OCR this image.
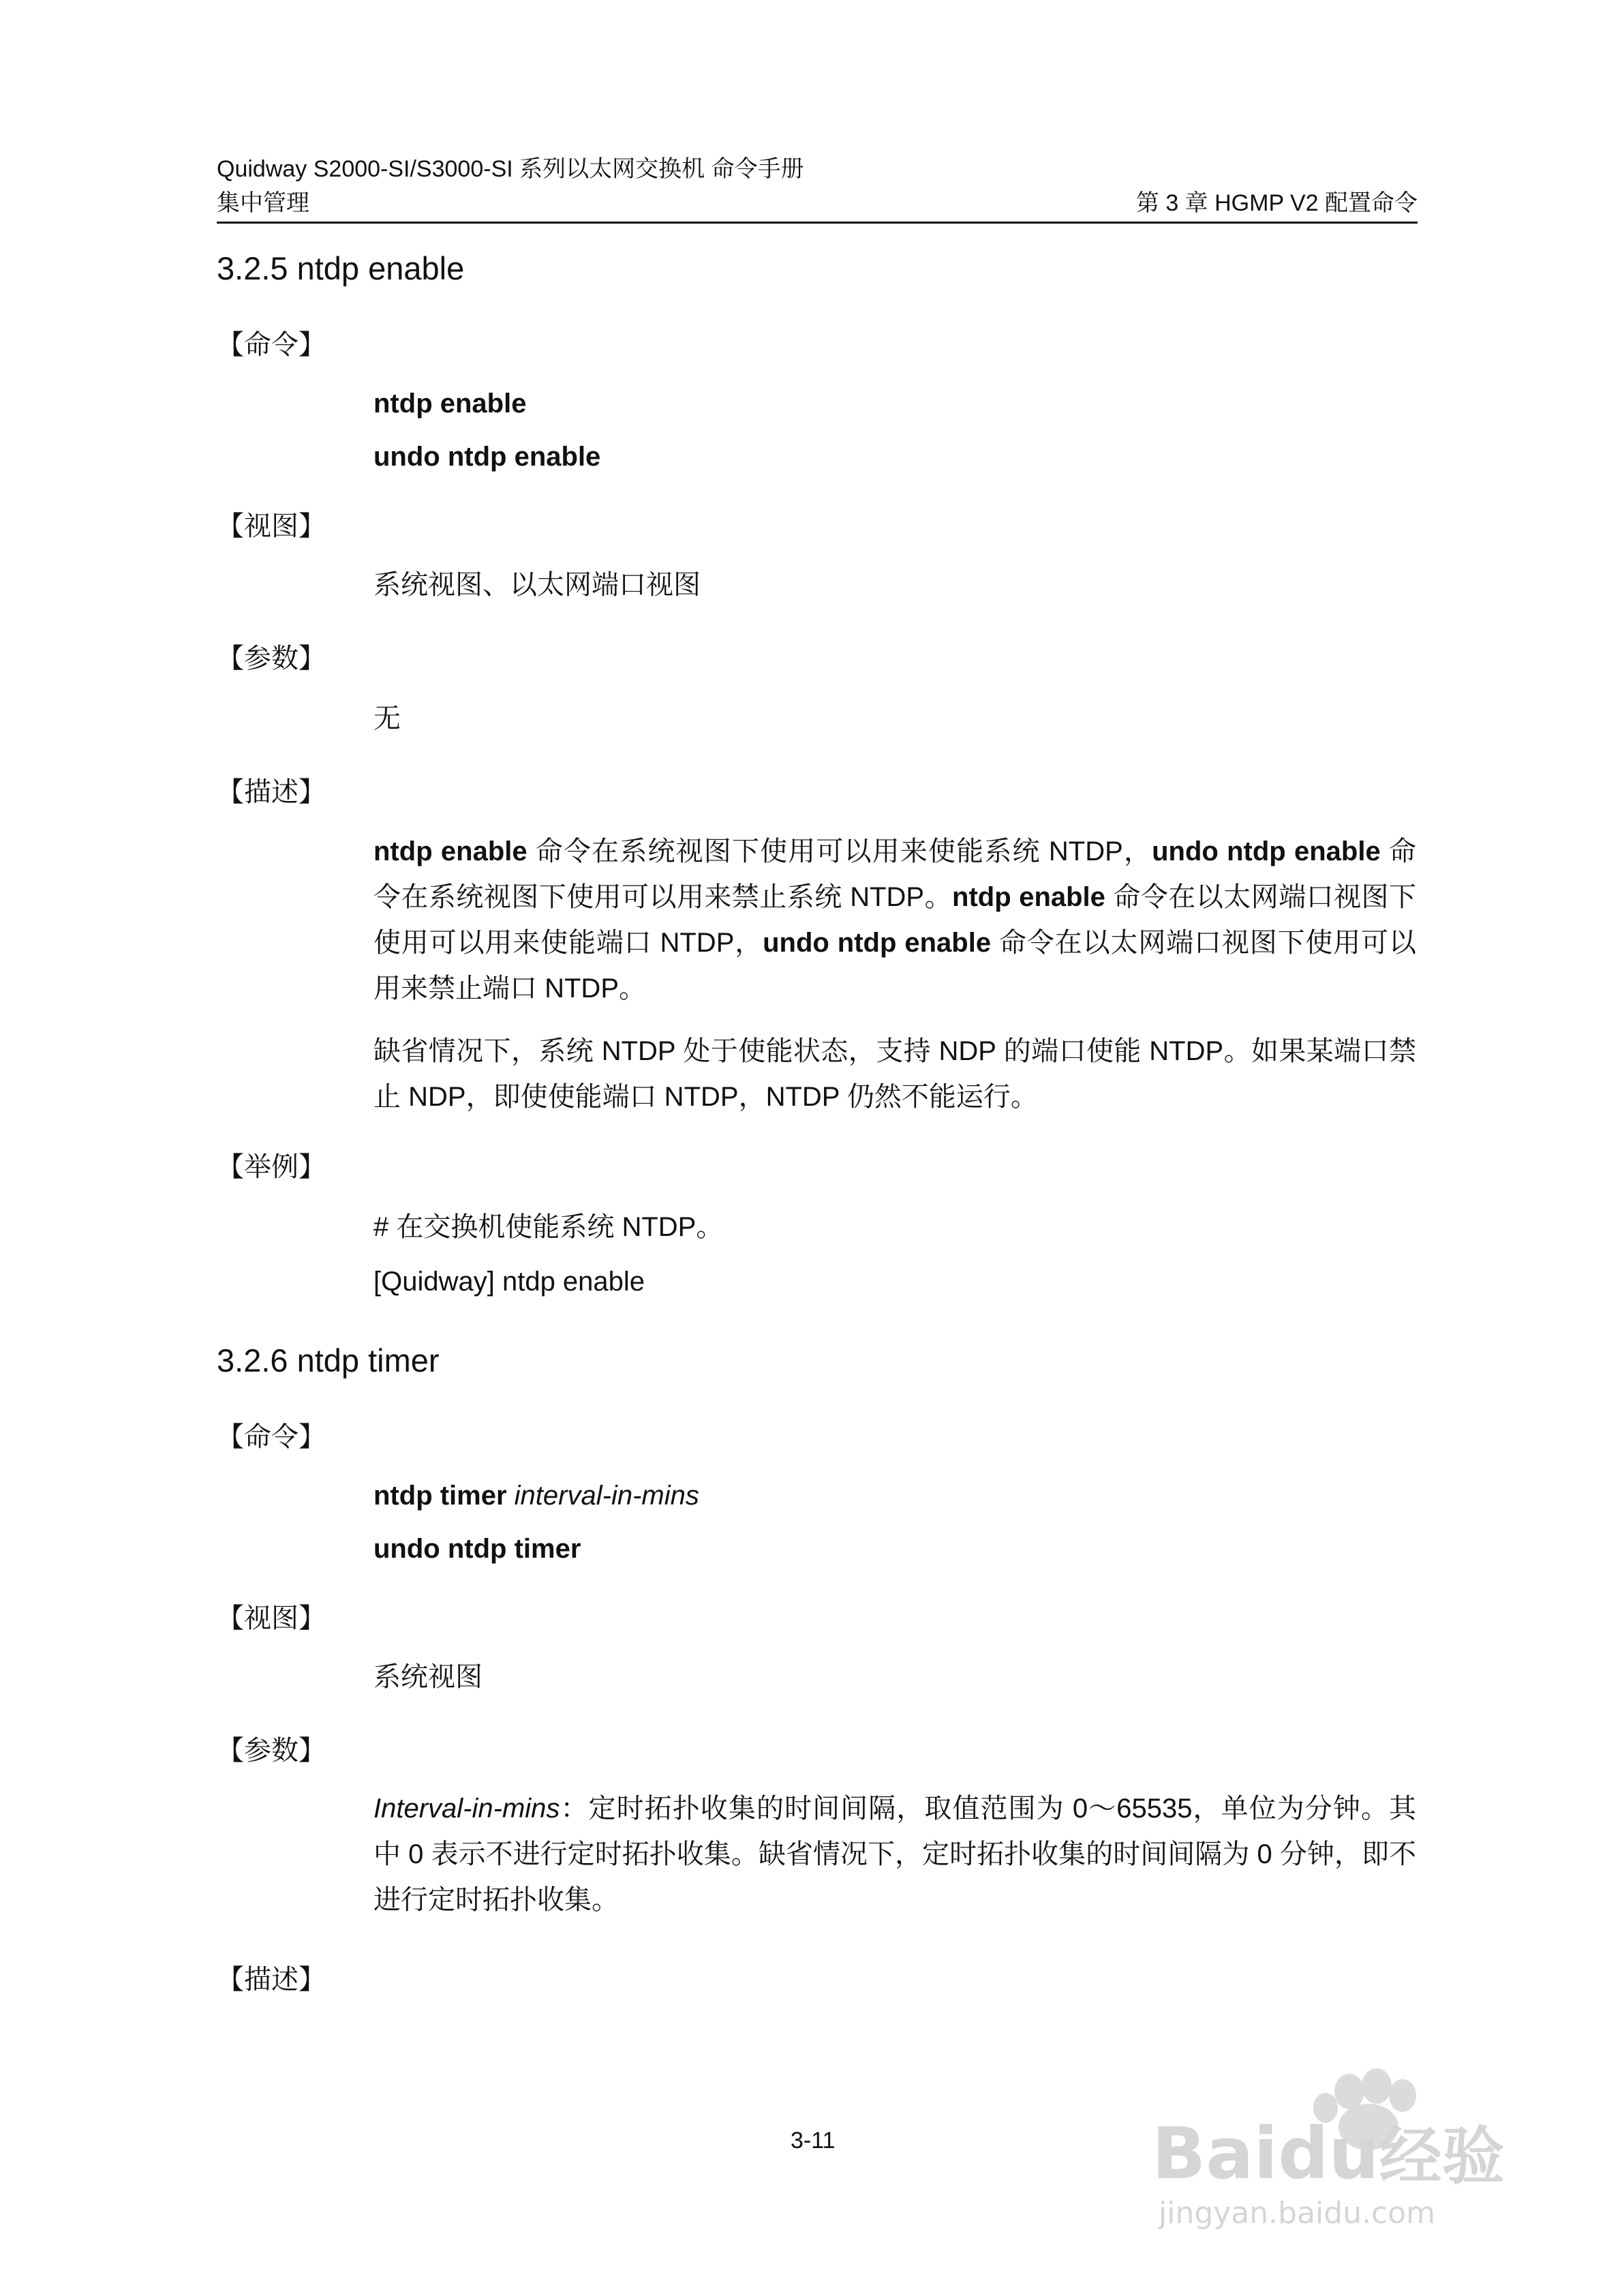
Quidway S2000-SI/S3000-SI 系列以太网交换机 命令手册
集中管理	第 3 章 HGMP V2 配置命令
3.2.5 ntdp enable
【命令】
ntdp enable
undo ntdp enable
【视图】
系统视图、以太网端口视图
【参数】
无
【描述】
ntdp enable 命令在系统视图下使用可以用来使能系统 NTDP，undo ntdp enable 命令在系统视图下使用可以用来禁止系统 NTDP。ntdp enable 命令在以太网端口视图下使用可以用来使能端口 NTDP，undo ntdp enable 命令在以太网端口视图下使用可以用来禁止端口 NTDP。
缺省情况下，系统 NTDP 处于使能状态，支持 NDP 的端口使能 NTDP。如果某端口禁止 NDP，即使使能端口 NTDP，NTDP 仍然不能运行。
【举例】
# 在交换机使能系统 NTDP。
[Quidway] ntdp enable
3.2.6 ntdp timer
【命令】
ntdp timer interval-in-mins
undo ntdp timer
【视图】
系统视图
【参数】
Interval-in-mins：定时拓扑收集的时间间隔，取值范围为 0～65535，单位为分钟。其中 0 表示不进行定时拓扑收集。缺省情况下，定时拓扑收集的时间间隔为 0 分钟，即不进行定时拓扑收集。
【描述】
3-11	Baidu经验
jingyan.baidu.com
